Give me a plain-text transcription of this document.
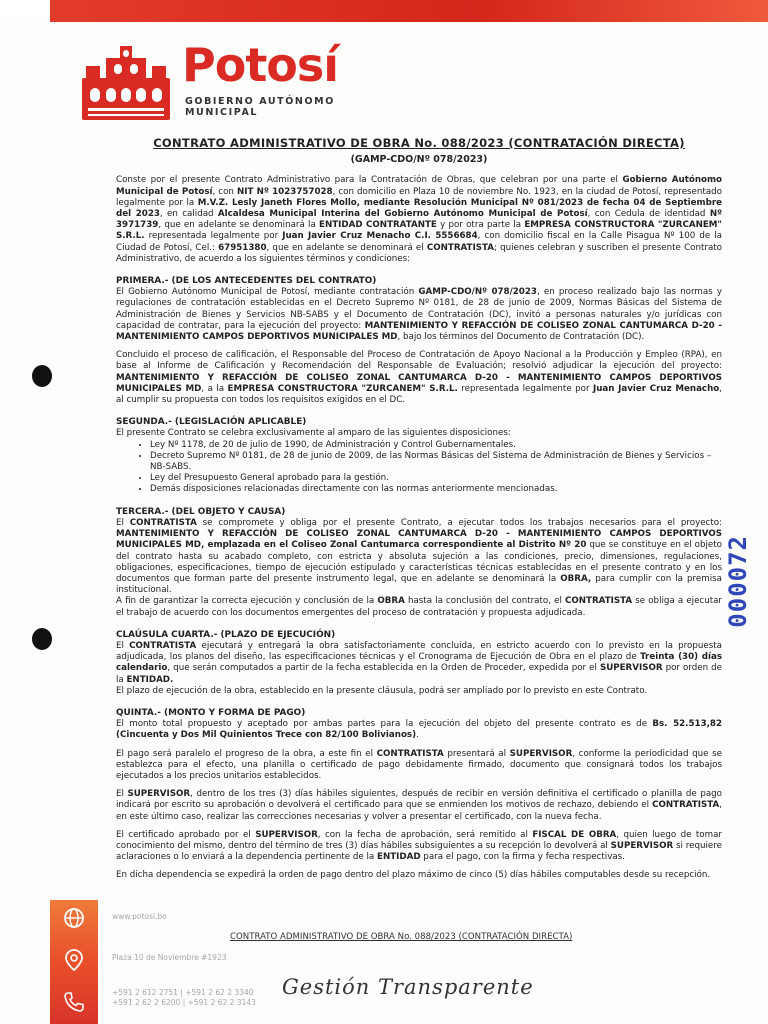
Potosí
GOBIERNO AUTÓNOMO MUNICIPAL
000072

CONTRATO ADMINISTRATIVO DE OBRA No. 088/2023 (CONTRATACIÓN DIRECTA)

(GAMP-CDO/Nº 078/2023)

Conste por el presente Contrato Administrativo para la Contratación de Obras, que celebran por una parte el Gobierno Autónomo Municipal de Potosí, con NIT Nº 1023757028, con domicilio en Plaza 10 de noviembre No. 1923, en la ciudad de Potosí, representado legalmente por la M.V.Z. Lesly Janeth Flores Mollo, mediante Resolución Municipal Nº 081/2023 de fecha 04 de Septiembre del 2023, en calidad Alcaldesa Municipal Interina del Gobierno Autónomo Municipal de Potosí, con Cedula de identidad Nº 3971739, que en adelante se denominará la ENTIDAD CONTRATANTE y por otra parte la EMPRESA CONSTRUCTORA "ZURCANEM" S.R.L. representada legalmente por Juan Javier Cruz Menacho C.I. 5556684, con domicilio fiscal en la Calle Pisagua Nº 100 de la Ciudad de Potosí, Cel.: 67951380, que en adelante se denominará el CONTRATISTA; quienes celebran y suscriben el presente Contrato Administrativo, de acuerdo a los siguientes términos y condiciones:

PRIMERA.- (DE LOS ANTECEDENTES DEL CONTRATO)

El Gobierno Autónomo Municipal de Potosí, mediante contratación GAMP-CDO/Nº 078/2023, en proceso realizado bajo las normas y regulaciones de contratación establecidas en el Decreto Supremo Nº 0181, de 28 de junio de 2009, Normas Básicas del Sistema de Administración de Bienes y Servicios NB-SABS y el Documento de Contratación (DC), invitó a personas naturales y/o jurídicas con capacidad de contratar, para la ejecución del proyecto: MANTENIMIENTO Y REFACCIÓN DE COLISEO ZONAL CANTUMARCA D-20 - MANTENIMIENTO CAMPOS DEPORTIVOS MUNICIPALES MD, bajo los términos del Documento de Contratación (DC).

Concluido el proceso de calificación, el Responsable del Proceso de Contratación de Apoyo Nacional a la Producción y Empleo (RPA), en base al Informe de Calificación y Recomendación del Responsable de Evaluación; resolvió adjudicar la ejecución del proyecto: MANTENIMIENTO Y REFACCIÓN DE COLISEO ZONAL CANTUMARCA D-20 - MANTENIMIENTO CAMPOS DEPORTIVOS MUNICIPALES MD, a la EMPRESA CONSTRUCTORA "ZURCANEM" S.R.L. representada legalmente por Juan Javier Cruz Menacho, al cumplir su propuesta con todos los requisitos exigidos en el DC.

SEGUNDA.- (LEGISLACIÓN APLICABLE)

El presente Contrato se celebra exclusivamente al amparo de las siguientes disposiciones:

• Ley Nº 1178, de 20 de julio de 1990, de Administración y Control Gubernamentales.
• Decreto Supremo Nº 0181, de 28 de junio de 2009, de las Normas Básicas del Sistema de Administración de Bienes y Servicios – NB-SABS.
• Ley del Presupuesto General aprobado para la gestión.
• Demás disposiciones relacionadas directamente con las normas anteriormente mencionadas.

TERCERA.- (DEL OBJETO Y CAUSA)

El CONTRATISTA se compromete y obliga por el presente Contrato, a ejecutar todos los trabajos necesarios para el proyecto: MANTENIMIENTO Y REFACCIÓN DE COLISEO ZONAL CANTUMARCA D-20 - MANTENIMIENTO CAMPOS DEPORTIVOS MUNICIPALES MD, emplazada en el Coliseo Zonal Cantumarca correspondiente al Distrito Nº 20 que se constituye en el objeto del contrato hasta su acabado completo, con estricta y absoluta sujeción a las condiciones, precio, dimensiones, regulaciones, obligaciones, especificaciones, tiempo de ejecución estipulado y características técnicas establecidas en el presente contrato y en los documentos que forman parte del presente instrumento legal, que en adelante se denominará la OBRA, para cumplir con la premisa institucional.

A fin de garantizar la correcta ejecución y conclusión de la OBRA hasta la conclusión del contrato, el CONTRATISTA se obliga a ejecutar el trabajo de acuerdo con los documentos emergentes del proceso de contratación y propuesta adjudicada.

CLAÚSULA CUARTA.- (PLAZO DE EJECUCIÓN)

El CONTRATISTA ejecutará y entregará la obra satisfactoriamente concluida, en estricto acuerdo con lo previsto en la propuesta adjudicada, los planos del diseño, las especificaciones técnicas y el Cronograma de Ejecución de Obra en el plazo de Treinta (30) días calendario, que serán computados a partir de la fecha establecida en la Orden de Proceder, expedida por el SUPERVISOR por orden de la ENTIDAD.

El plazo de ejecución de la obra, establecido en la presente cláusula, podrá ser ampliado por lo previsto en este Contrato.

QUINTA.- (MONTO Y FORMA DE PAGO)

El monto total propuesto y aceptado por ambas partes para la ejecución del objeto del presente contrato es de Bs. 52.513,82 (Cincuenta y Dos Mil Quinientos Trece con 82/100 Bolivianos).

El pago será paralelo el progreso de la obra, a este fin el CONTRATISTA presentará al SUPERVISOR, conforme la periodicidad que se establezca para el efecto, una planilla o certificado de pago debidamente firmado, documento que consignará todos los trabajos ejecutados a los precios unitarios establecidos.

El SUPERVISOR, dentro de los tres (3) días hábiles siguientes, después de recibir en versión definitiva el certificado o planilla de pago indicará por escrito su aprobación o devolverá el certificado para que se enmienden los motivos de rechazo, debiendo el CONTRATISTA, en este último caso, realizar las correcciones necesarias y volver a presentar el certificado, con la nueva fecha.

El certificado aprobado por el SUPERVISOR, con la fecha de aprobación, será remitido al FISCAL DE OBRA, quien luego de tomar conocimiento del mismo, dentro del término de tres (3) días hábiles subsiguientes a su recepción lo devolverá al SUPERVISOR si requiere aclaraciones o lo enviará a la dependencia pertinente de la ENTIDAD para el pago, con la firma y fecha respectivas.

En dicha dependencia se expedirá la orden de pago dentro del plazo máximo de cinco (5) días hábiles computables desde su recepción.

www.potosi.bo
CONTRATO ADMINISTRATIVO DE OBRA No. 088/2023 (CONTRATACIÓN DIRECTA)
Plaza 10 de Noviembre #1923
+591 2 612 2751 | +591 2 62 2 3340
+591 2 62 2 6200 | +591 2 62 2 3143
Gestión Transparente
